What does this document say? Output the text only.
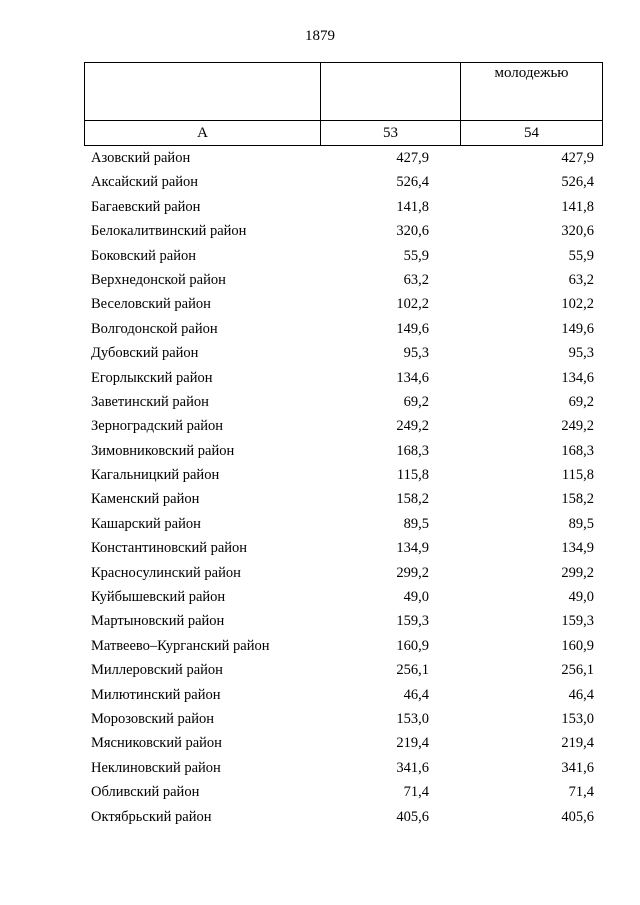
1879

		молодежью

А	53	54
Азовский район	427,9	427,9
Аксайский район	526,4	526,4
Багаевский район	141,8	141,8
Белокалитвинский район	320,6	320,6
Боковский район	55,9	55,9
Верхнедонской район	63,2	63,2
Веселовский район	102,2	102,2
Волгодонской район	149,6	149,6
Дубовский район	95,3	95,3
Егорлыкский район	134,6	134,6
Заветинский район	69,2	69,2
Зерноградский район	249,2	249,2
Зимовниковский район	168,3	168,3
Кагальницкий район	115,8	115,8
Каменский район	158,2	158,2
Кашарский район	89,5	89,5
Константиновский район	134,9	134,9
Красносулинский район	299,2	299,2
Куйбышевский район	49,0	49,0
Мартыновский район	159,3	159,3
Матвеево–Курганский район	160,9	160,9
Миллеровский район	256,1	256,1
Милютинский район	46,4	46,4
Морозовский район	153,0	153,0
Мясниковский район	219,4	219,4
Неклиновский район	341,6	341,6
Обливский район	71,4	71,4
Октябрьский район	405,6	405,6
